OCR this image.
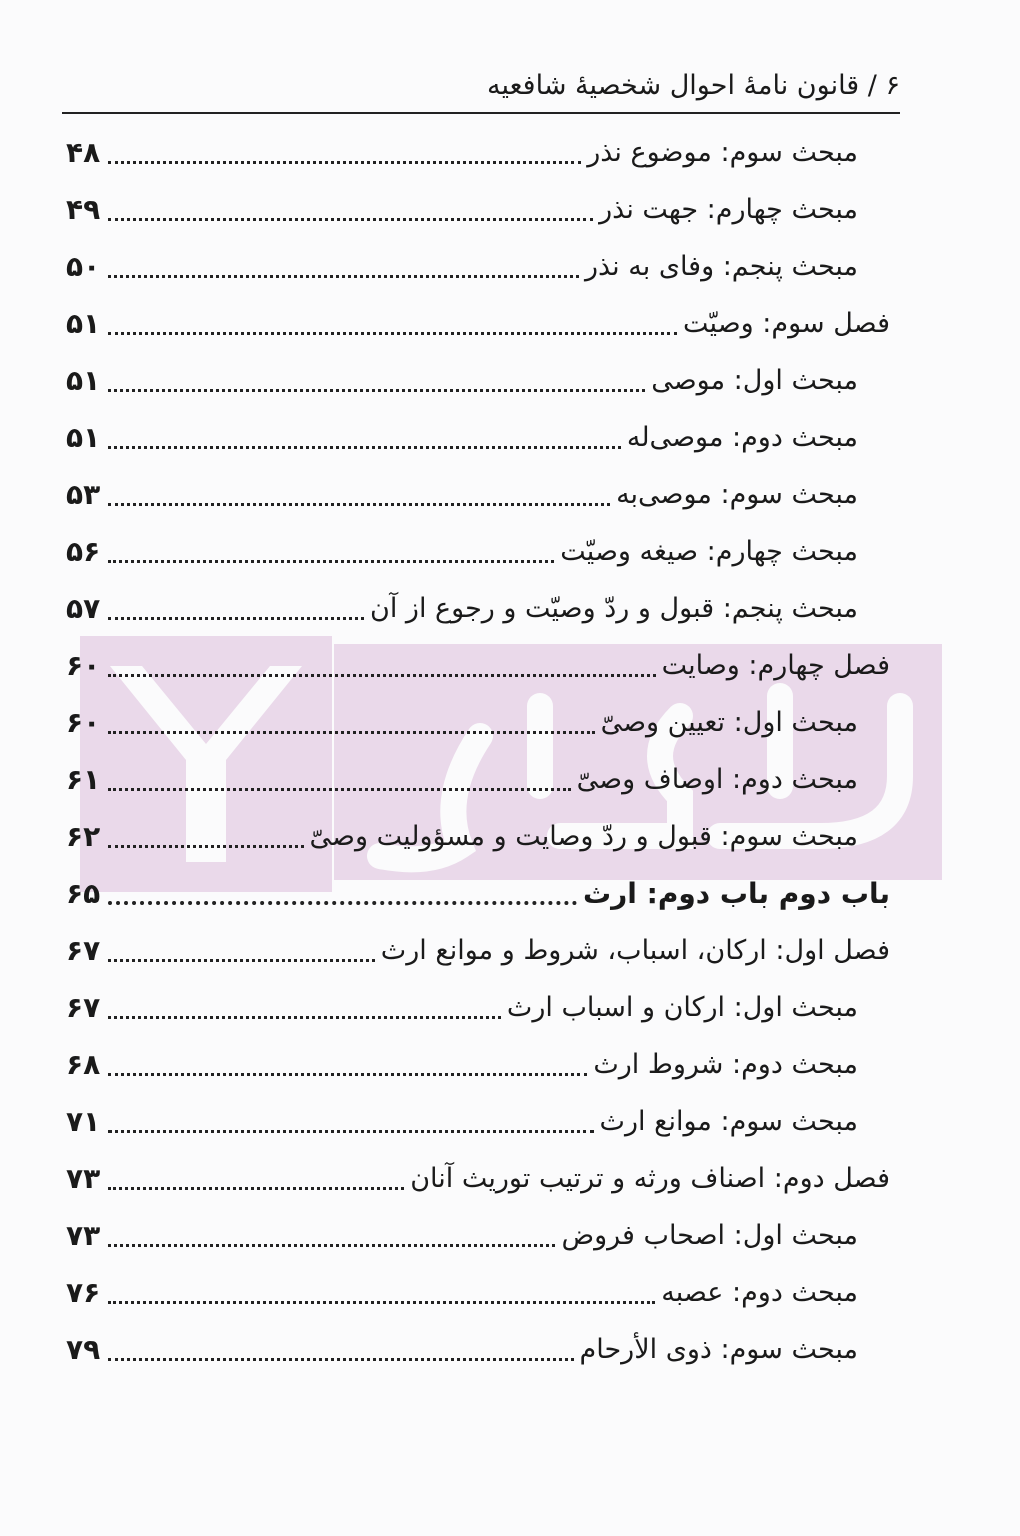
۶ / قانون نامهٔ احوال شخصیهٔ شافعیه
مبحث سوم: موضوع نذر
۴۸
مبحث چهارم: جهت نذر
۴۹
مبحث پنجم: وفای به نذر
۵۰
فصل سوم: وصیّت
۵۱
مبحث اول: موصی
۵۱
مبحث دوم: موصی‌له
۵۱
مبحث سوم: موصی‌به
۵۳
مبحث چهارم: صیغه وصیّت
۵۶
مبحث پنجم: قبول و ردّ وصیّت و رجوع از آن
۵۷
فصل چهارم: وصایت
۶۰
مبحث اول: تعیین وصیّ
۶۰
مبحث دوم: اوصاف وصیّ
۶۱
مبحث سوم: قبول و ردّ وصایت و مسؤولیت وصیّ
۶۲
باب دوم باب دوم: ارث
۶۵
فصل اول: ارکان، اسباب، شروط و موانع ارث
۶۷
مبحث اول: ارکان و اسباب ارث
۶۷
مبحث دوم: شروط ارث
۶۸
مبحث سوم: موانع ارث
۷۱
فصل دوم: اصناف ورثه و ترتیب توریث آنان
۷۳
مبحث اول: اصحاب فروض
۷۳
مبحث دوم: عصبه
۷۶
مبحث سوم: ذوی الأرحام
۷۹
